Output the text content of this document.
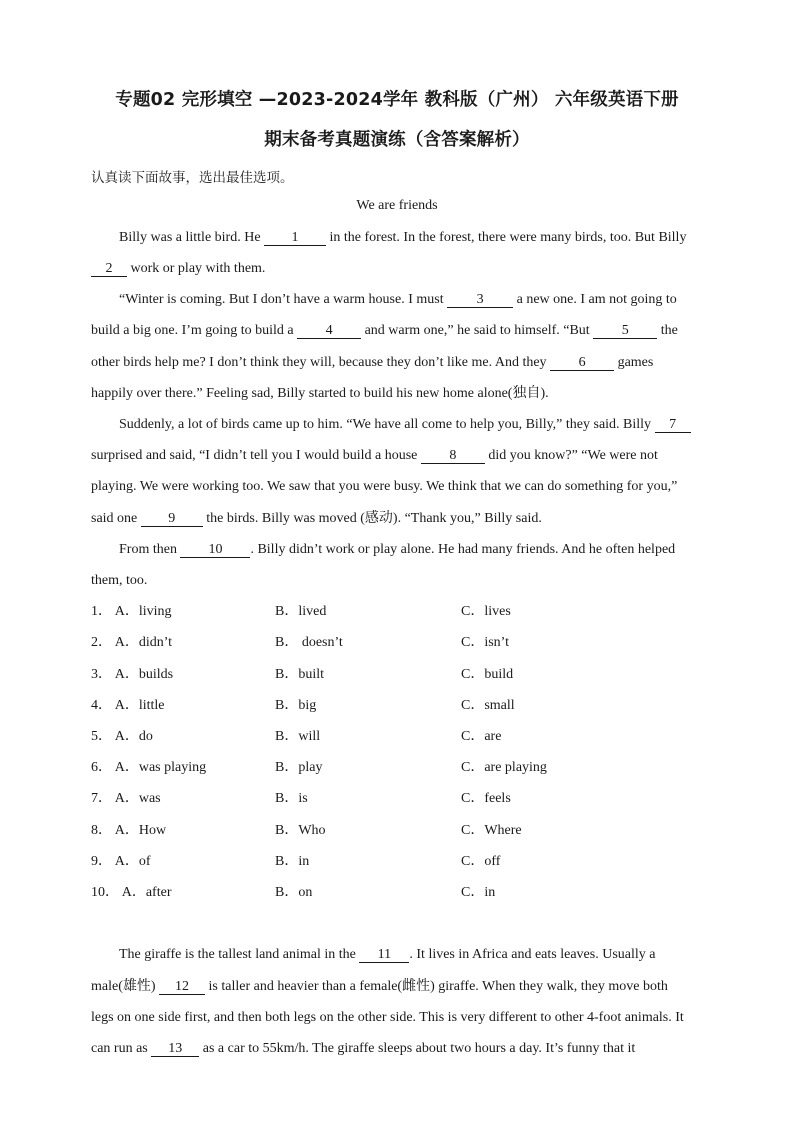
专题02 完形填空 —2023-2024学年 教科版（广州） 六年级英语下册
期末备考真题演练（含答案解析）
认真读下面故事，选出最佳选项。
We are friends
Billy was a little bird. He 1 in the forest. In the forest, there were many birds, too. But Billy
2 work or play with them.
“Winter is coming. But I don’t have a warm house. I must 3 a new one. I am not going to
build a big one. I’m going to build a 4 and warm one,” he said to himself. “But 5 the
other birds help me? I don’t think they will, because they don’t like me. And they 6 games
happily over there.” Feeling sad, Billy started to build his new home alone(独自).
Suddenly, a lot of birds came up to him. “We have all come to help you, Billy,” they said. Billy 7
surprised and said, “I didn’t tell you I would build a house 8 did you know?” “We were not
playing. We were working too. We saw that you were busy. We think that we can do something for you,”
said one 9 the birds. Billy was moved (感动). “Thank you,” Billy said.
From then 10 . Billy didn’t work or play alone. He had many friends. And he often helped
them, too.
1． A．living	B．lived	C．lives
2． A．didn’t	B． doesn’t	C．isn’t
3． A．builds	B．built	C．build
4． A．little	B．big	C．small
5． A．do	B．will	C．are
6． A．was playing	B．play	C．are playing
7． A．was	B．is	C．feels
8． A．How	B．Who	C．Where
9． A．of	B．in	C．off
10． A．after	B．on	C．in
The giraffe is the tallest land animal in the 11 . It lives in Africa and eats leaves. Usually a
male(雄性) 12 is taller and heavier than a female(雌性) giraffe. When they walk, they move both
legs on one side first, and then both legs on the other side. This is very different to other 4-foot animals. It
can run as 13 as a car to 55km/h. The giraffe sleeps about two hours a day. It’s funny that it
